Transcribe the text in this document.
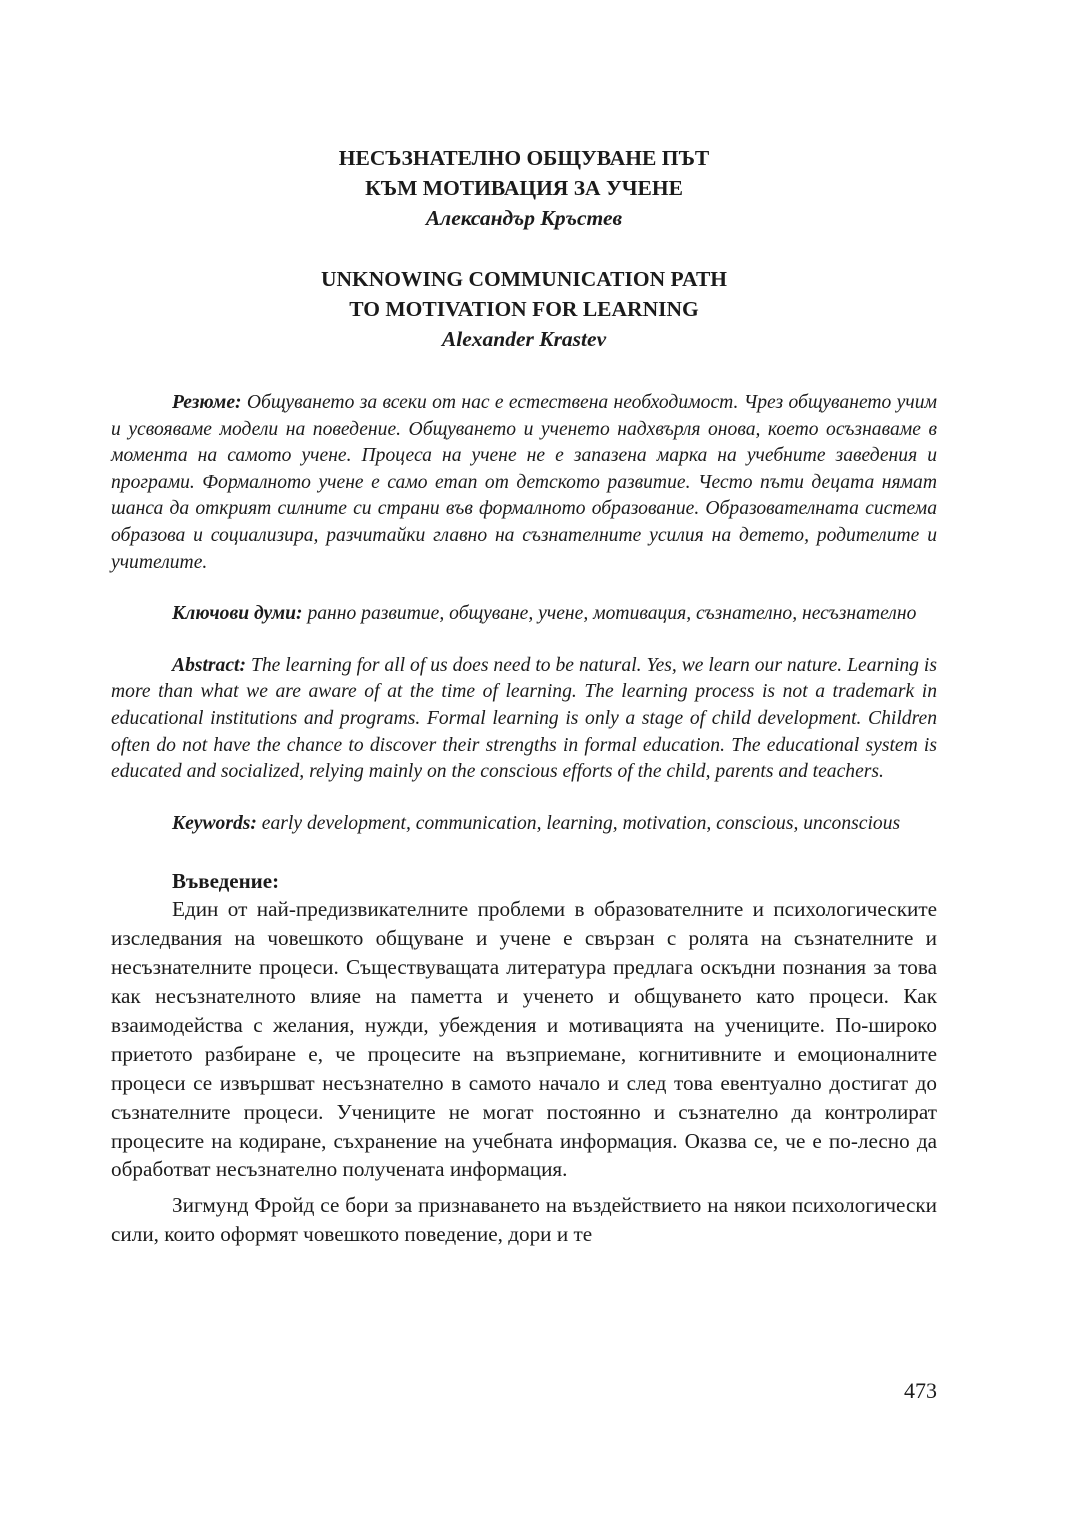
НЕСЪЗНАТЕЛНО ОБЩУВАНЕ ПЪТ
КЪМ МОТИВАЦИЯ ЗА УЧЕНЕ
Александър Кръстев
UNKNOWING COMMUNICATION PATH
TO MOTIVATION FOR LEARNING
Alexander Krastev

Резюме: Общуването за всеки от нас е естествена необходимост. Чрез общуването учим и усвояваме модели на поведение. Общуването и ученето надхвърля онова, което осъзнаваме в момента на самото учене. Процеса на учене не е запазена марка на учебните заведения и програми. Формалното учене е само етап от детското развитие. Често пъти децата нямат шанса да открият силните си страни във формалното образование. Образователната система образова и социализира, разчитайки главно на съзнателните усилия на детето, родителите и учителите.

Ключови думи: ранно развитие, общуване, учене, мотивация, съзнателно, несъзнателно

Abstract: The learning for all of us does need to be natural. Yes, we learn our nature. Learning is more than what we are aware of at the time of learning. The learning process is not a trademark in educational institutions and programs. Formal learning is only a stage of child development. Children often do not have the chance to discover their strengths in formal education. The educational system is educated and socialized, relying mainly on the conscious efforts of the child, parents and teachers.

Keywords: early development, communication, learning, motivation, conscious, unconscious

Въведение:

Един от най-предизвикателните проблеми в образователните и психологическите изследвания на човешкото общуване и учене е свързан с ролята на съзнателните и несъзнателните процеси. Съществуващата литература предлага оскъдни познания за това как несъзнателното влияе на паметта и ученето и общуването като процеси. Как взаимодейства с желания, нужди, убеждения и мотивацията на учениците. По-широко приетото разбиране е, че процесите на възприемане, когнитивните и емоционалните процеси се извършват несъзнателно в самото начало и след това евентуално достигат до съзнателните процеси. Учениците не могат постоянно и съзнателно да контролират процесите на кодиране, съхранение на учебната информация. Оказва се, че е по-лесно да обработват несъзнателно получената информация.

Зигмунд Фройд се бори за признаването на въздействието на някои психологически сили, които оформят човешкото поведение, дори и те

473
